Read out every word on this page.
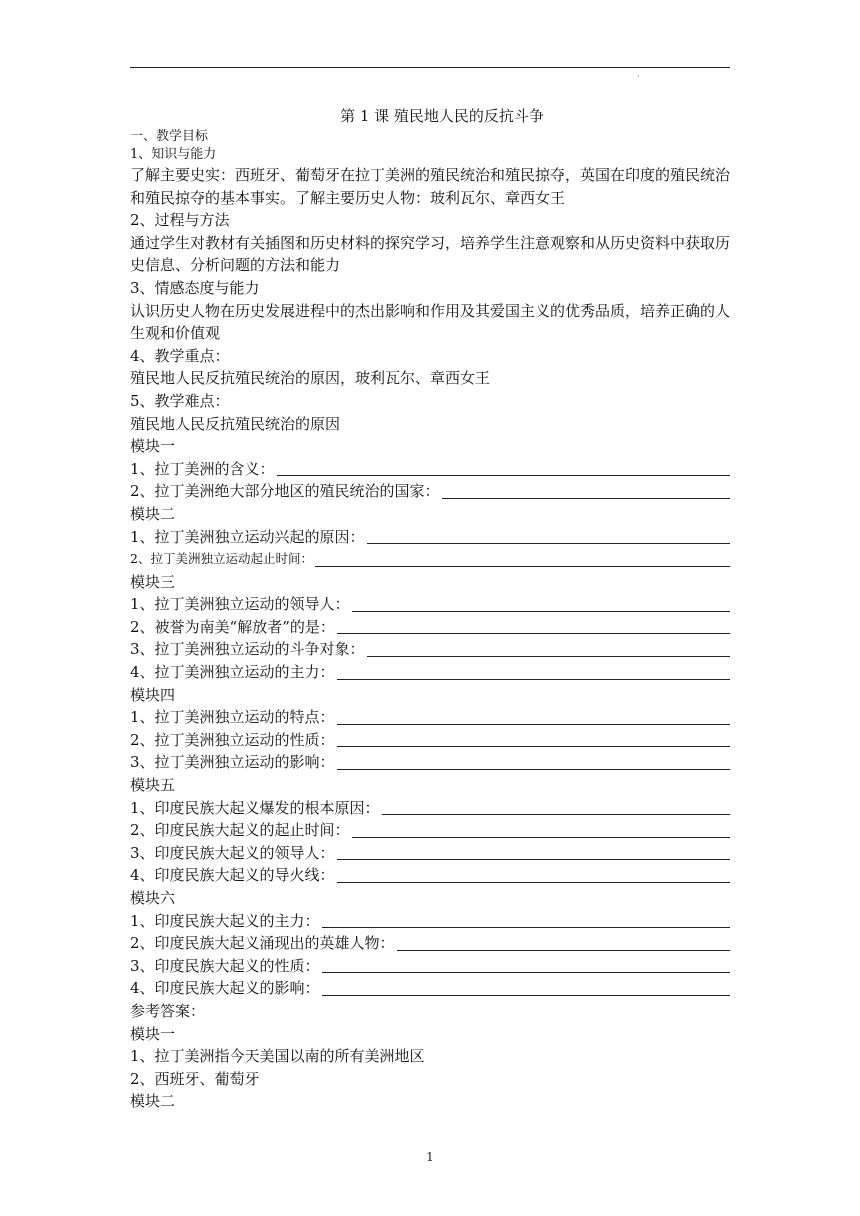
·
第 1 课 殖民地人民的反抗斗争
一、教学目标
1、知识与能力
了解主要史实：西班牙、葡萄牙在拉丁美洲的殖民统治和殖民掠夺，英国在印度的殖民统治和殖民掠夺的基本事实。了解主要历史人物：玻利瓦尔、章西女王
2、过程与方法
通过学生对教材有关插图和历史材料的探究学习，培养学生注意观察和从历史资料中获取历史信息、分析问题的方法和能力
3、情感态度与能力
认识历史人物在历史发展进程中的杰出影响和作用及其爱国主义的优秀品质，培养正确的人生观和价值观
4、教学重点：
殖民地人民反抗殖民统治的原因，玻利瓦尔、章西女王
5、教学难点：
殖民地人民反抗殖民统治的原因
模块一
1、拉丁美洲的含义：
2、拉丁美洲绝大部分地区的殖民统治的国家：
模块二
1、拉丁美洲独立运动兴起的原因：
2、拉丁美洲独立运动起止时间：
模块三
1、拉丁美洲独立运动的领导人：
2、被誉为南美“解放者”的是：
3、拉丁美洲独立运动的斗争对象：
4、拉丁美洲独立运动的主力：
模块四
1、拉丁美洲独立运动的特点：
2、拉丁美洲独立运动的性质：
3、拉丁美洲独立运动的影响：
模块五
1、印度民族大起义爆发的根本原因：
2、印度民族大起义的起止时间：
3、印度民族大起义的领导人：
4、印度民族大起义的导火线：
模块六
1、印度民族大起义的主力：
2、印度民族大起义涌现出的英雄人物：
3、印度民族大起义的性质：
4、印度民族大起义的影响：
参考答案：
模块一
1、拉丁美洲指今天美国以南的所有美洲地区
2、西班牙、葡萄牙
模块二
1
